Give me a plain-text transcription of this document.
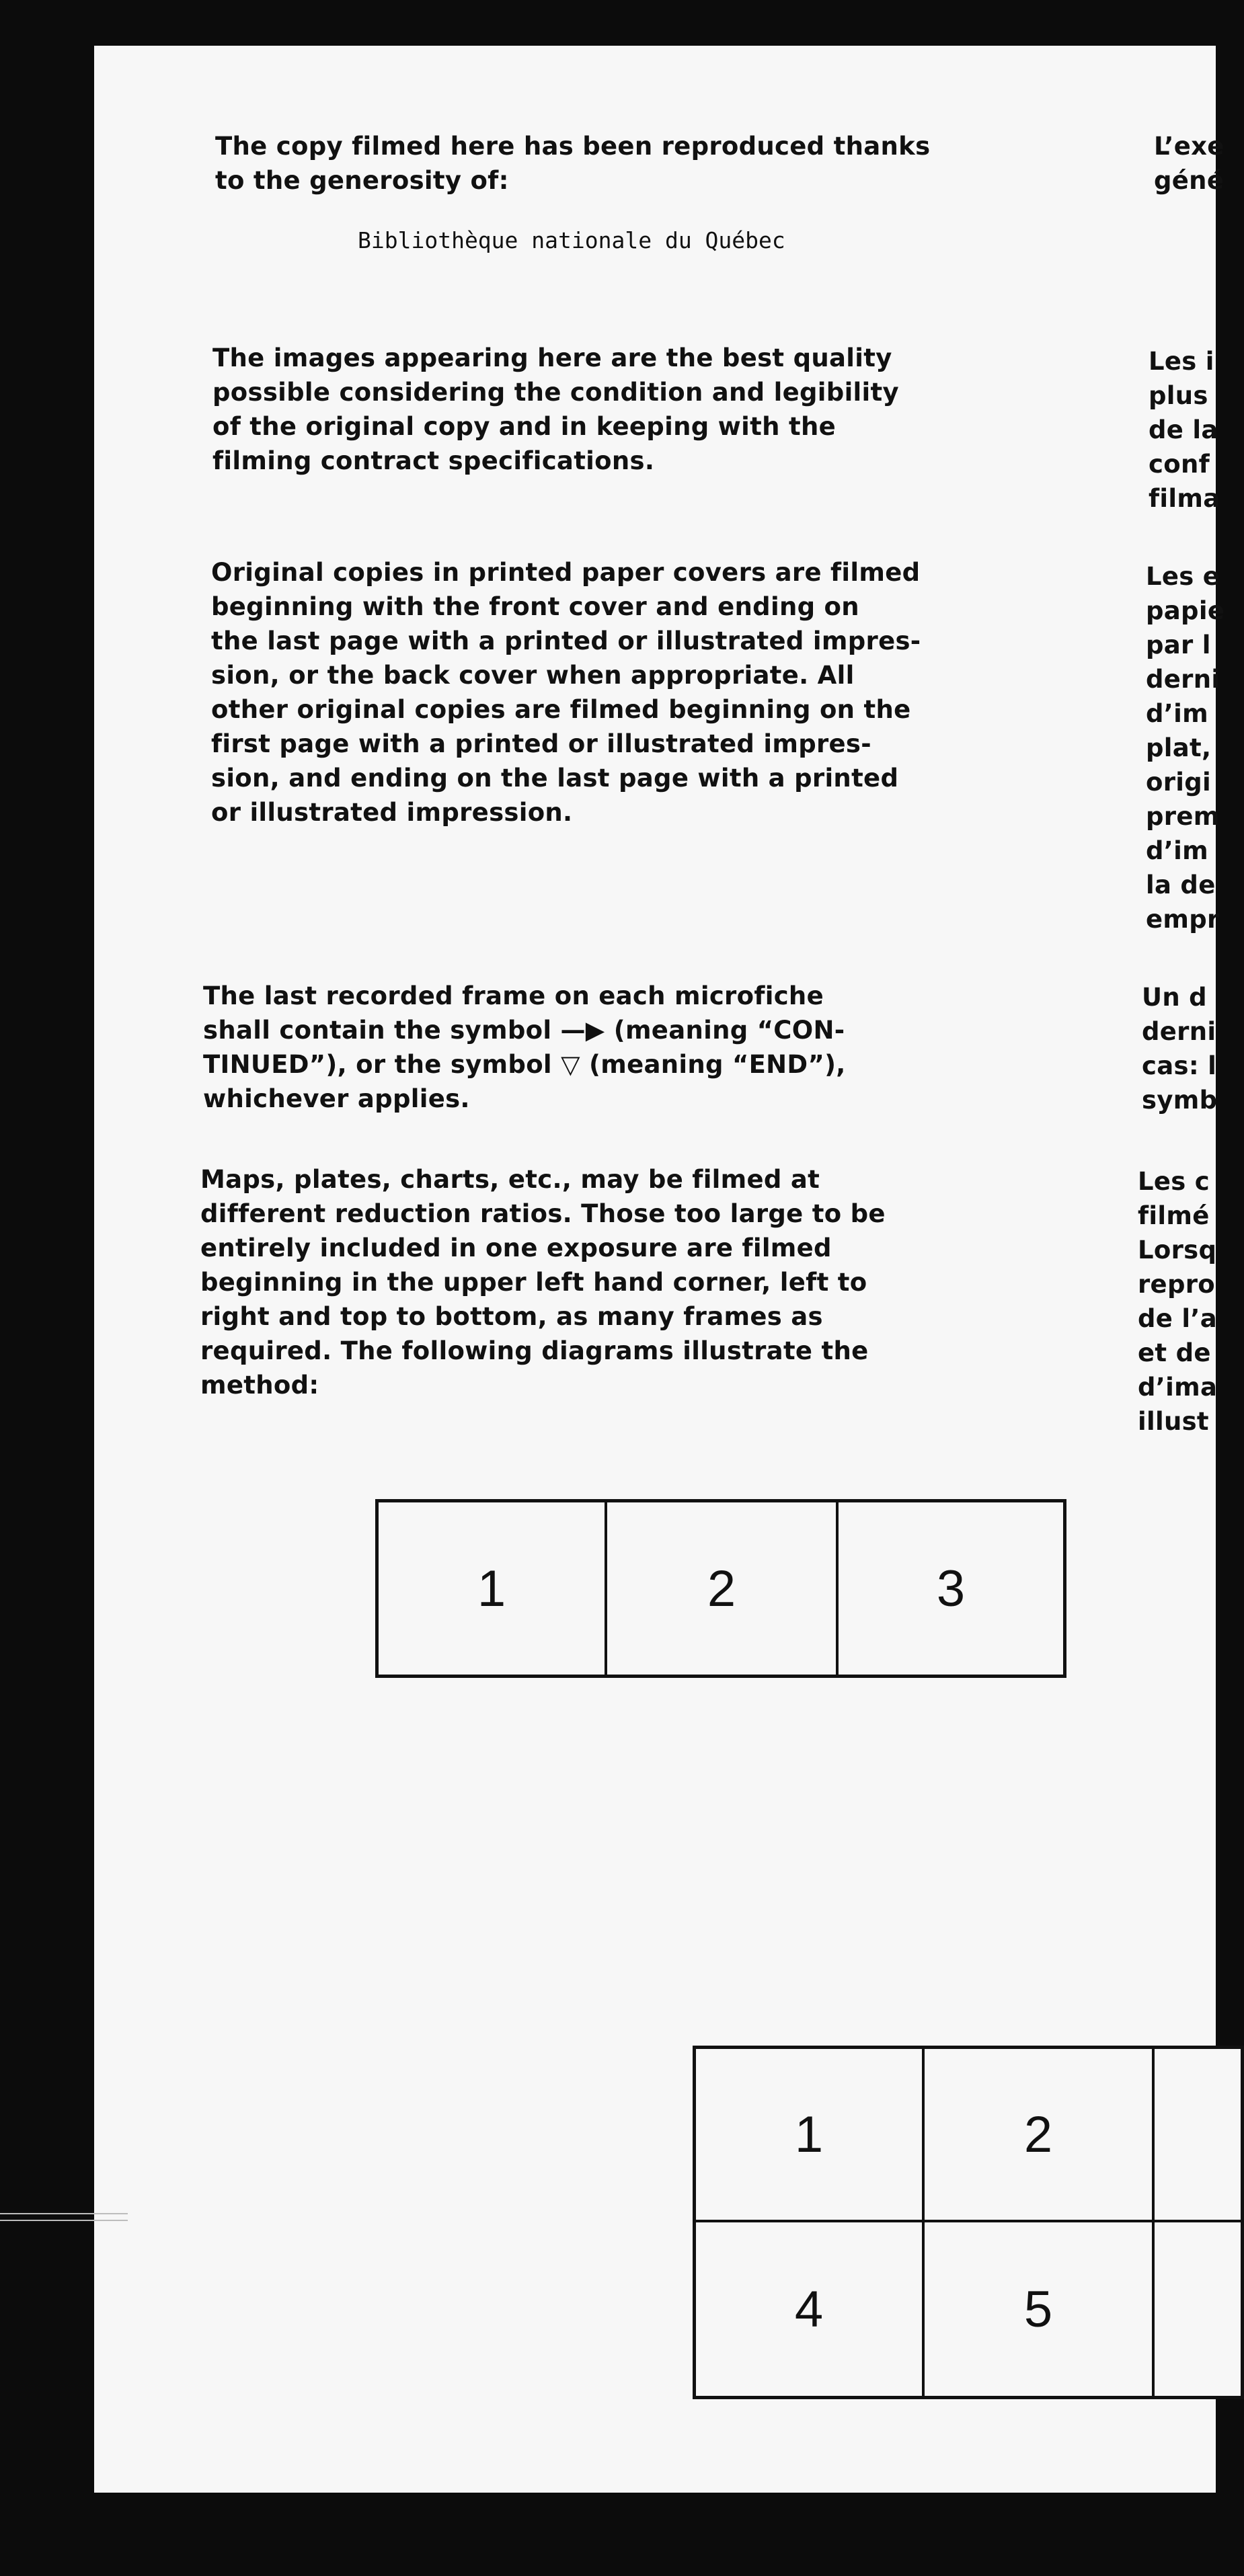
The copy filmed here has been reproduced thanks
to the generosity of:
Bibliothèque nationale du Québec
The images appearing here are the best quality
possible considering the condition and legibility
of the original copy and in keeping with the
filming contract specifications.
Original copies in printed paper covers are filmed
beginning with the front cover and ending on
the last page with a printed or illustrated impres-
sion, or the back cover when appropriate. All
other original copies are filmed beginning on the
first page with a printed or illustrated impres-
sion, and ending on the last page with a printed
or illustrated impression.
The last recorded frame on each microfiche
shall contain the symbol —▶ (meaning “CON-
TINUED”), or the symbol ▽ (meaning “END”),
whichever applies.
Maps, plates, charts, etc., may be filmed at
different reduction ratios. Those too large to be
entirely included in one exposure are filmed
beginning in the upper left hand corner, left to
right and top to bottom, as many frames as
required. The following diagrams illustrate the
method:
L’exe
géné
Les i
plus
de la
conf
filma
Les e
papie
par l
derni
d’im
plat,
origi
prem
d’im
la de
empr
Un d
derni
cas: l
symb
Les c
filmé
Lorsq
repro
de l’a
et de
d’ima
illust
1	2	3
1	2
4	5
